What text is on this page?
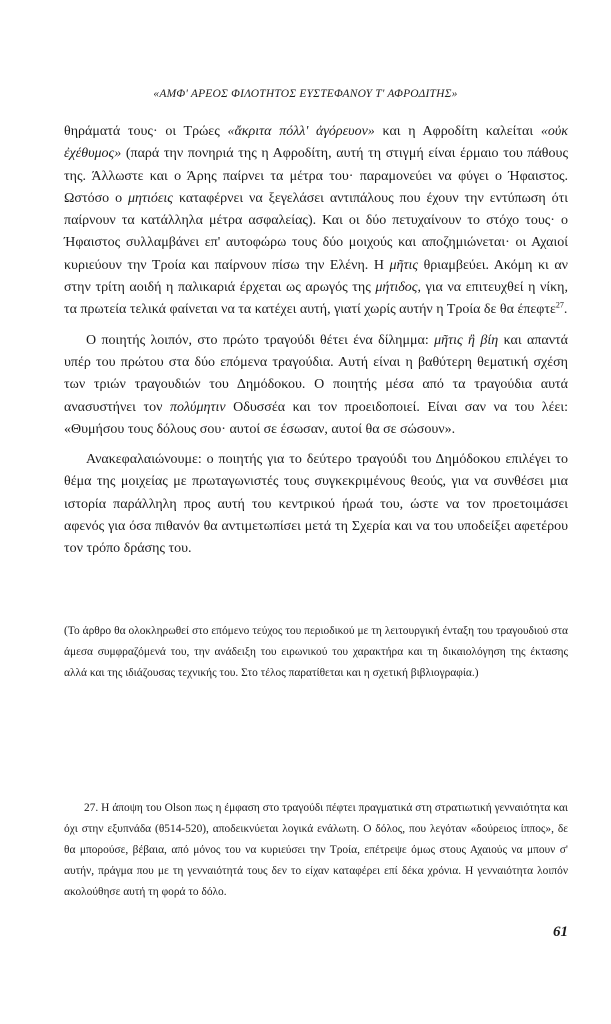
«ΑΜΦ' ΑΡΕΟΣ ΦΙΛΟΤΗΤΟΣ ΕΥΣΤΕΦΑΝΟΥ Τ' ΑΦΡΟΔΙΤΗΣ»

θηράματά τους· οι Τρώες «ἄκριτα πόλλ' ἀγόρευον» και η Αφροδίτη καλείται «οὐκ ἐχέθυμος» (παρά την πονηριά της η Αφροδίτη, αυτή τη στιγμή είναι έρμαιο του πάθους της. Άλλωστε και ο Άρης παίρνει τα μέτρα του· παραμονεύει να φύγει ο Ήφαιστος. Ωστόσο ο μητιόεις καταφέρνει να ξεγελάσει αντιπάλους που έχουν την εντύπωση ότι παίρνουν τα κατάλληλα μέτρα ασφαλείας). Και οι δύο πετυχαίνουν το στόχο τους· ο Ήφαιστος συλλαμβάνει επ' αυτοφώρω τους δύο μοιχούς και αποζημιώνεται· οι Αχαιοί κυριεύουν την Τροία και παίρνουν πίσω την Ελένη. Η μῆτις θριαμβεύει. Ακόμη κι αν στην τρίτη αοιδή η παλικαριά έρχεται ως αρωγός της μήτιδος, για να επιτευχθεί η νίκη, τα πρωτεία τελικά φαίνεται να τα κατέχει αυτή, γιατί χωρίς αυτήν η Τροία δε θα έπεφτε$^{27}$.

Ο ποιητής λοιπόν, στο πρώτο τραγούδι θέτει ένα δίλημμα: μῆτις ἢ βίη και απαντά υπέρ του πρώτου στα δύο επόμενα τραγούδια. Αυτή είναι η βαθύτερη θεματική σχέση των τριών τραγουδιών του Δημόδοκου. Ο ποιητής μέσα από τα τραγούδια αυτά ανασυστήνει τον πολύμητιν Οδυσσέα και τον προειδοποιεί. Είναι σαν να του λέει: «Θυμήσου τους δόλους σου· αυτοί σε έσωσαν, αυτοί θα σε σώσουν».

Ανακεφαλαιώνουμε: ο ποιητής για το δεύτερο τραγούδι του Δημόδοκου επιλέγει το θέμα της μοιχείας με πρωταγωνιστές τους συγκεκριμένους θεούς, για να συνθέσει μια ιστορία παράλληλη προς αυτή του κεντρικού ήρωά του, ώστε να τον προετοιμάσει αφενός για όσα πιθανόν θα αντιμετωπίσει μετά τη Σχερία και να του υποδείξει αφετέρου τον τρόπο δράσης του.

(Το άρθρο θα ολοκληρωθεί στο επόμενο τεύχος του περιοδικού με τη λειτουργική ένταξη του τραγουδιού στα άμεσα συμφραζόμενά του, την ανάδειξη του ειρωνικού του χαρακτήρα και τη δικαιολόγηση της έκτασης αλλά και της ιδιάζουσας τεχνικής του. Στο τέλος παρατίθεται και η σχετική βιβλιογραφία.)

27. Η άποψη του Olson πως η έμφαση στο τραγούδι πέφτει πραγματικά στη στρατιωτική γενναιότητα και όχι στην εξυπνάδα (θ514-520), αποδεικνύεται λογικά ενάλωτη. Ο δόλος, που λεγόταν «δούρειος ίππος», δε θα μπορούσε, βέβαια, από μόνος του να κυριεύσει την Τροία, επέτρεψε όμως στους Αχαιούς να μπουν σ' αυτήν, πράγμα που με τη γενναιότητά τους δεν το είχαν καταφέρει επί δέκα χρόνια. Η γενναιότητα λοιπόν ακολούθησε αυτή τη φορά το δόλο.

61
